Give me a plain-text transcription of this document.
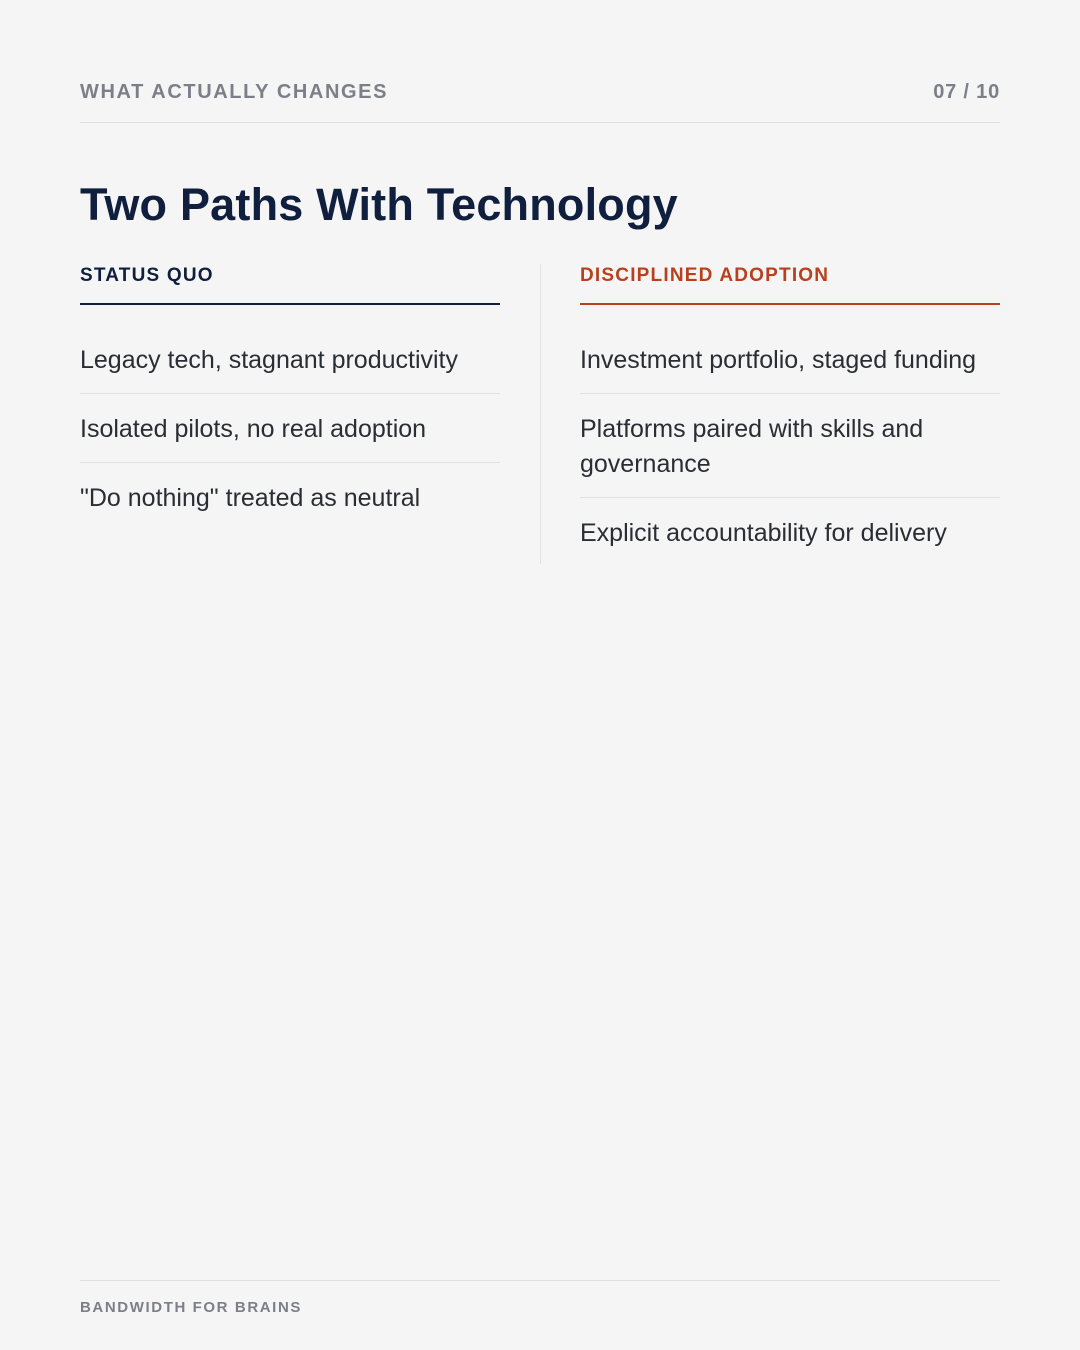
WHAT ACTUALLY CHANGES	07 / 10
Two Paths With Technology
STATUS QUO
Legacy tech, stagnant productivity
Isolated pilots, no real adoption
"Do nothing" treated as neutral
DISCIPLINED ADOPTION
Investment portfolio, staged funding
Platforms paired with skills and governance
Explicit accountability for delivery
BANDWIDTH FOR BRAINS
